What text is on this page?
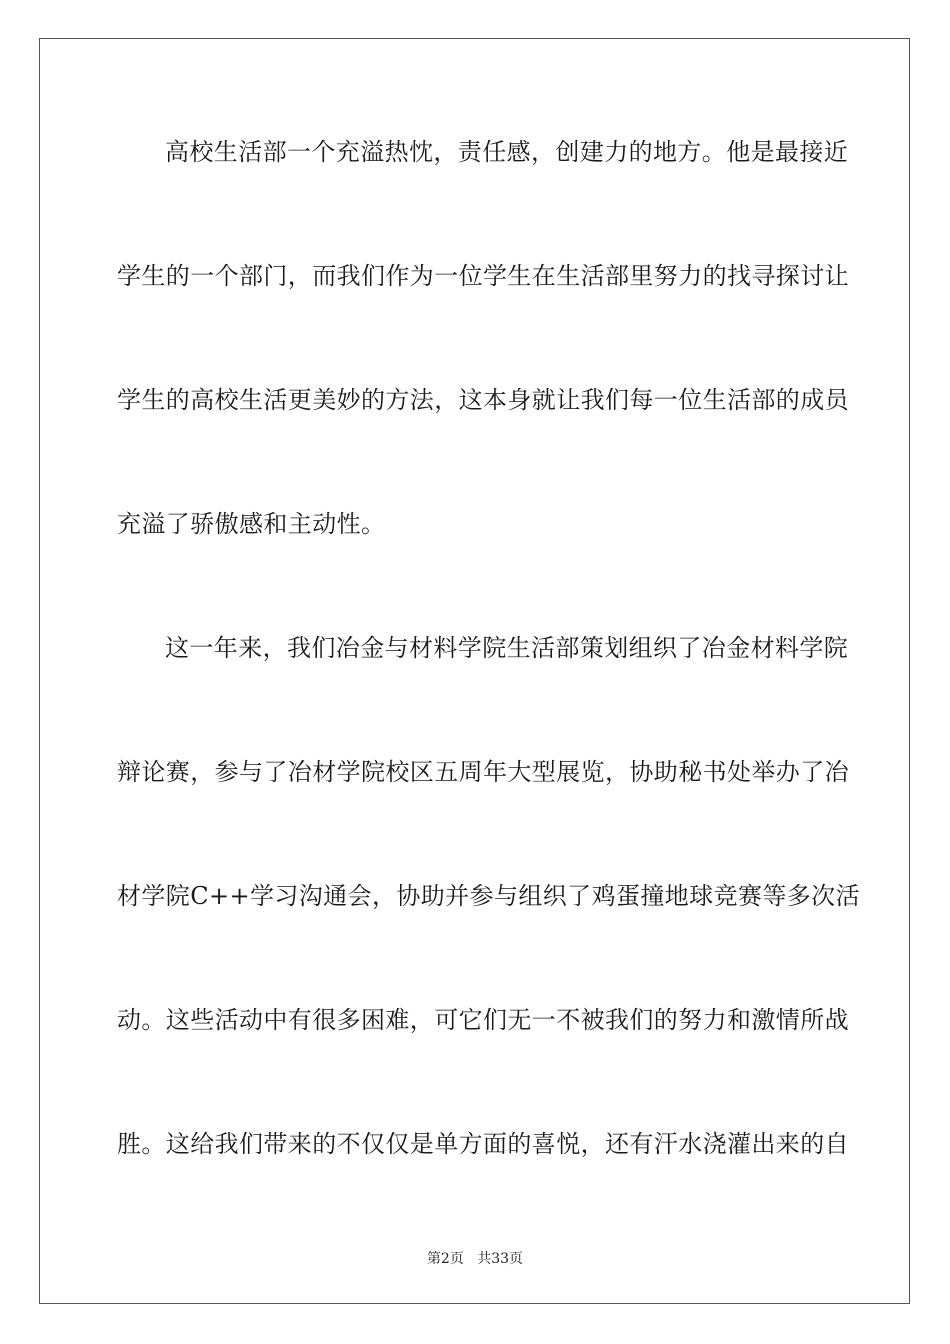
高校生活部一个充溢热忱，责任感，创建力的地方。他是最接近
学生的一个部门，而我们作为一位学生在生活部里努力的找寻探讨让
学生的高校生活更美妙的方法，这本身就让我们每一位生活部的成员
充溢了骄傲感和主动性。
这一年来，我们冶金与材料学院生活部策划组织了冶金材料学院
辩论赛，参与了冶材学院校区五周年大型展览，协助秘书处举办了冶
材学院C++学习沟通会，协助并参与组织了鸡蛋撞地球竞赛等多次活
动。这些活动中有很多困难，可它们无一不被我们的努力和激情所战
胜。这给我们带来的不仅仅是单方面的喜悦，还有汗水浇灌出来的自
第2页 共33页
